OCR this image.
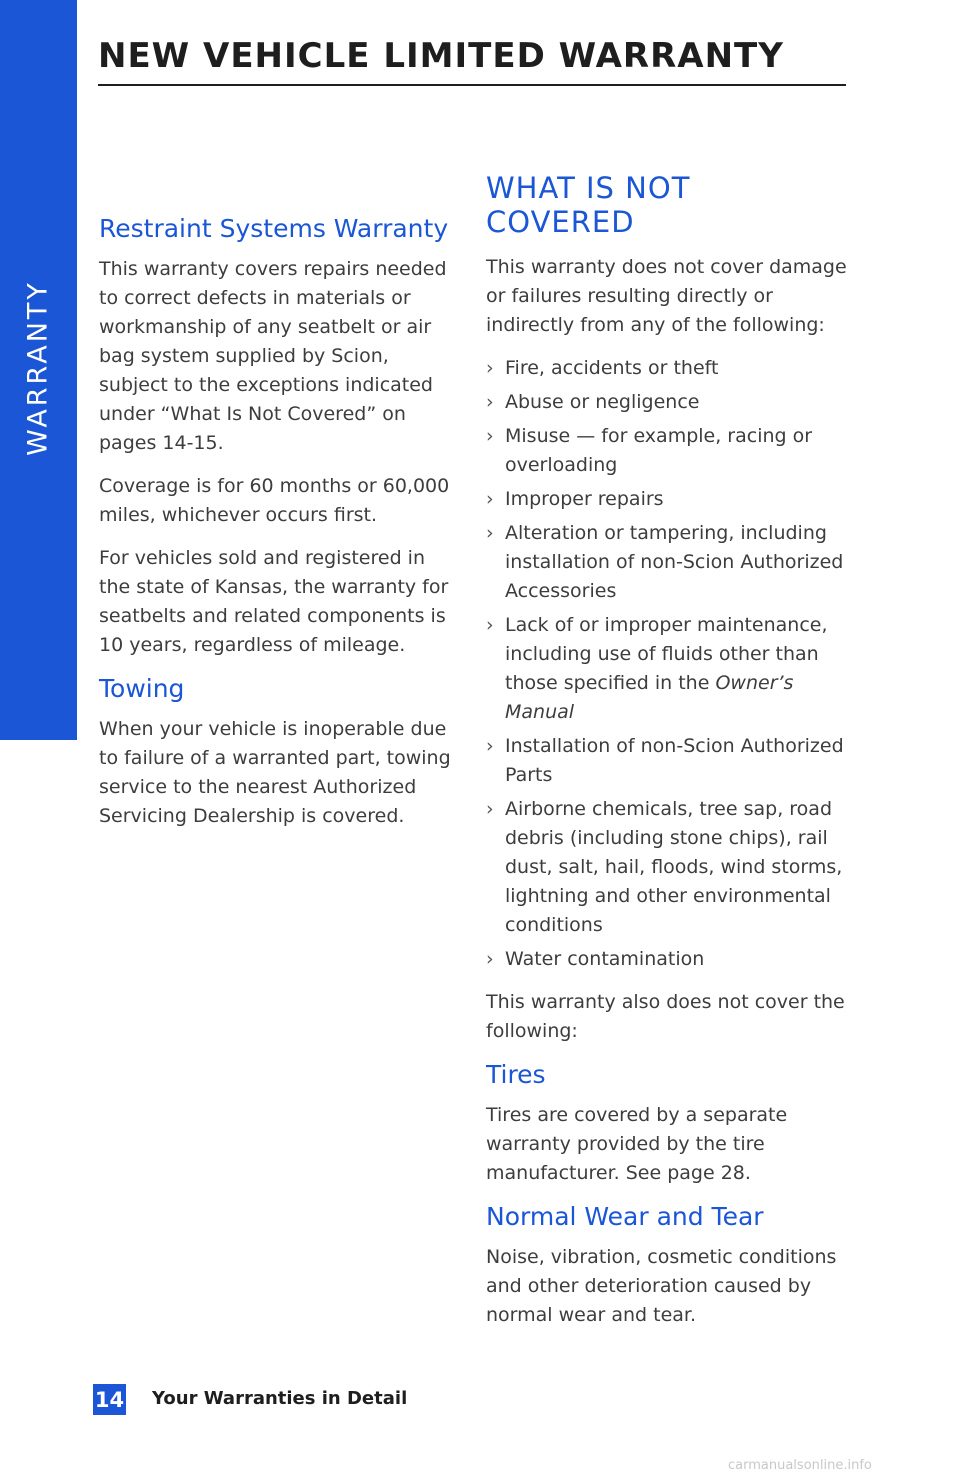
WARRANTY
NEW VEHICLE LIMITED WARRANTY
Restraint Systems Warranty

This warranty covers repairs needed to correct defects in materials or workmanship of any seatbelt or air bag system supplied by Scion, subject to the exceptions indicated under “What Is Not Covered” on pages 14-15.

Coverage is for 60 months or 60,000 miles, whichever occurs first.

For vehicles sold and registered in the state of Kansas, the warranty for seatbelts and related components is 10 years, regardless of mileage.

Towing

When your vehicle is inoperable due to failure of a warranted part, towing service to the nearest Authorized Servicing Dealership is covered.

WHAT IS NOT COVERED

This warranty does not cover damage or failures resulting directly or indirectly from any of the following:

› Fire, accidents or theft
› Abuse or negligence
› Misuse — for example, racing or overloading
› Improper repairs
› Alteration or tampering, including installation of non-Scion Authorized Accessories
› Lack of or improper maintenance, including use of fluids other than those specified in the Owner’s Manual
› Installation of non-Scion Authorized Parts
› Airborne chemicals, tree sap, road debris (including stone chips), rail dust, salt, hail, floods, wind storms, lightning and other environmental conditions
› Water contamination

This warranty also does not cover the following:

Tires

Tires are covered by a separate warranty provided by the tire manufacturer. See page 28.

Normal Wear and Tear

Noise, vibration, cosmetic conditions and other deterioration caused by normal wear and tear.

14 Your Warranties in Detail
carmanualsonline.info
